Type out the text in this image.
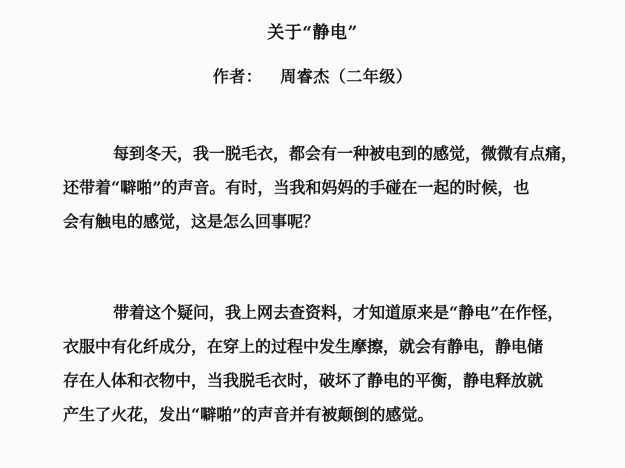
关于“静电”
作者： 周睿杰（二年级）
每到冬天，我一脱毛衣，都会有一种被电到的感觉，微微有点痛，
还带着“噼啪”的声音。有时，当我和妈妈的手碰在一起的时候，也
会有触电的感觉，这是怎么回事呢？
带着这个疑问，我上网去查资料，才知道原来是“静电”在作怪，
衣服中有化纤成分，在穿上的过程中发生摩擦，就会有静电，静电储
存在人体和衣物中，当我脱毛衣时，破坏了静电的平衡，静电释放就
产生了火花，发出“噼啪”的声音并有被颠倒的感觉。
